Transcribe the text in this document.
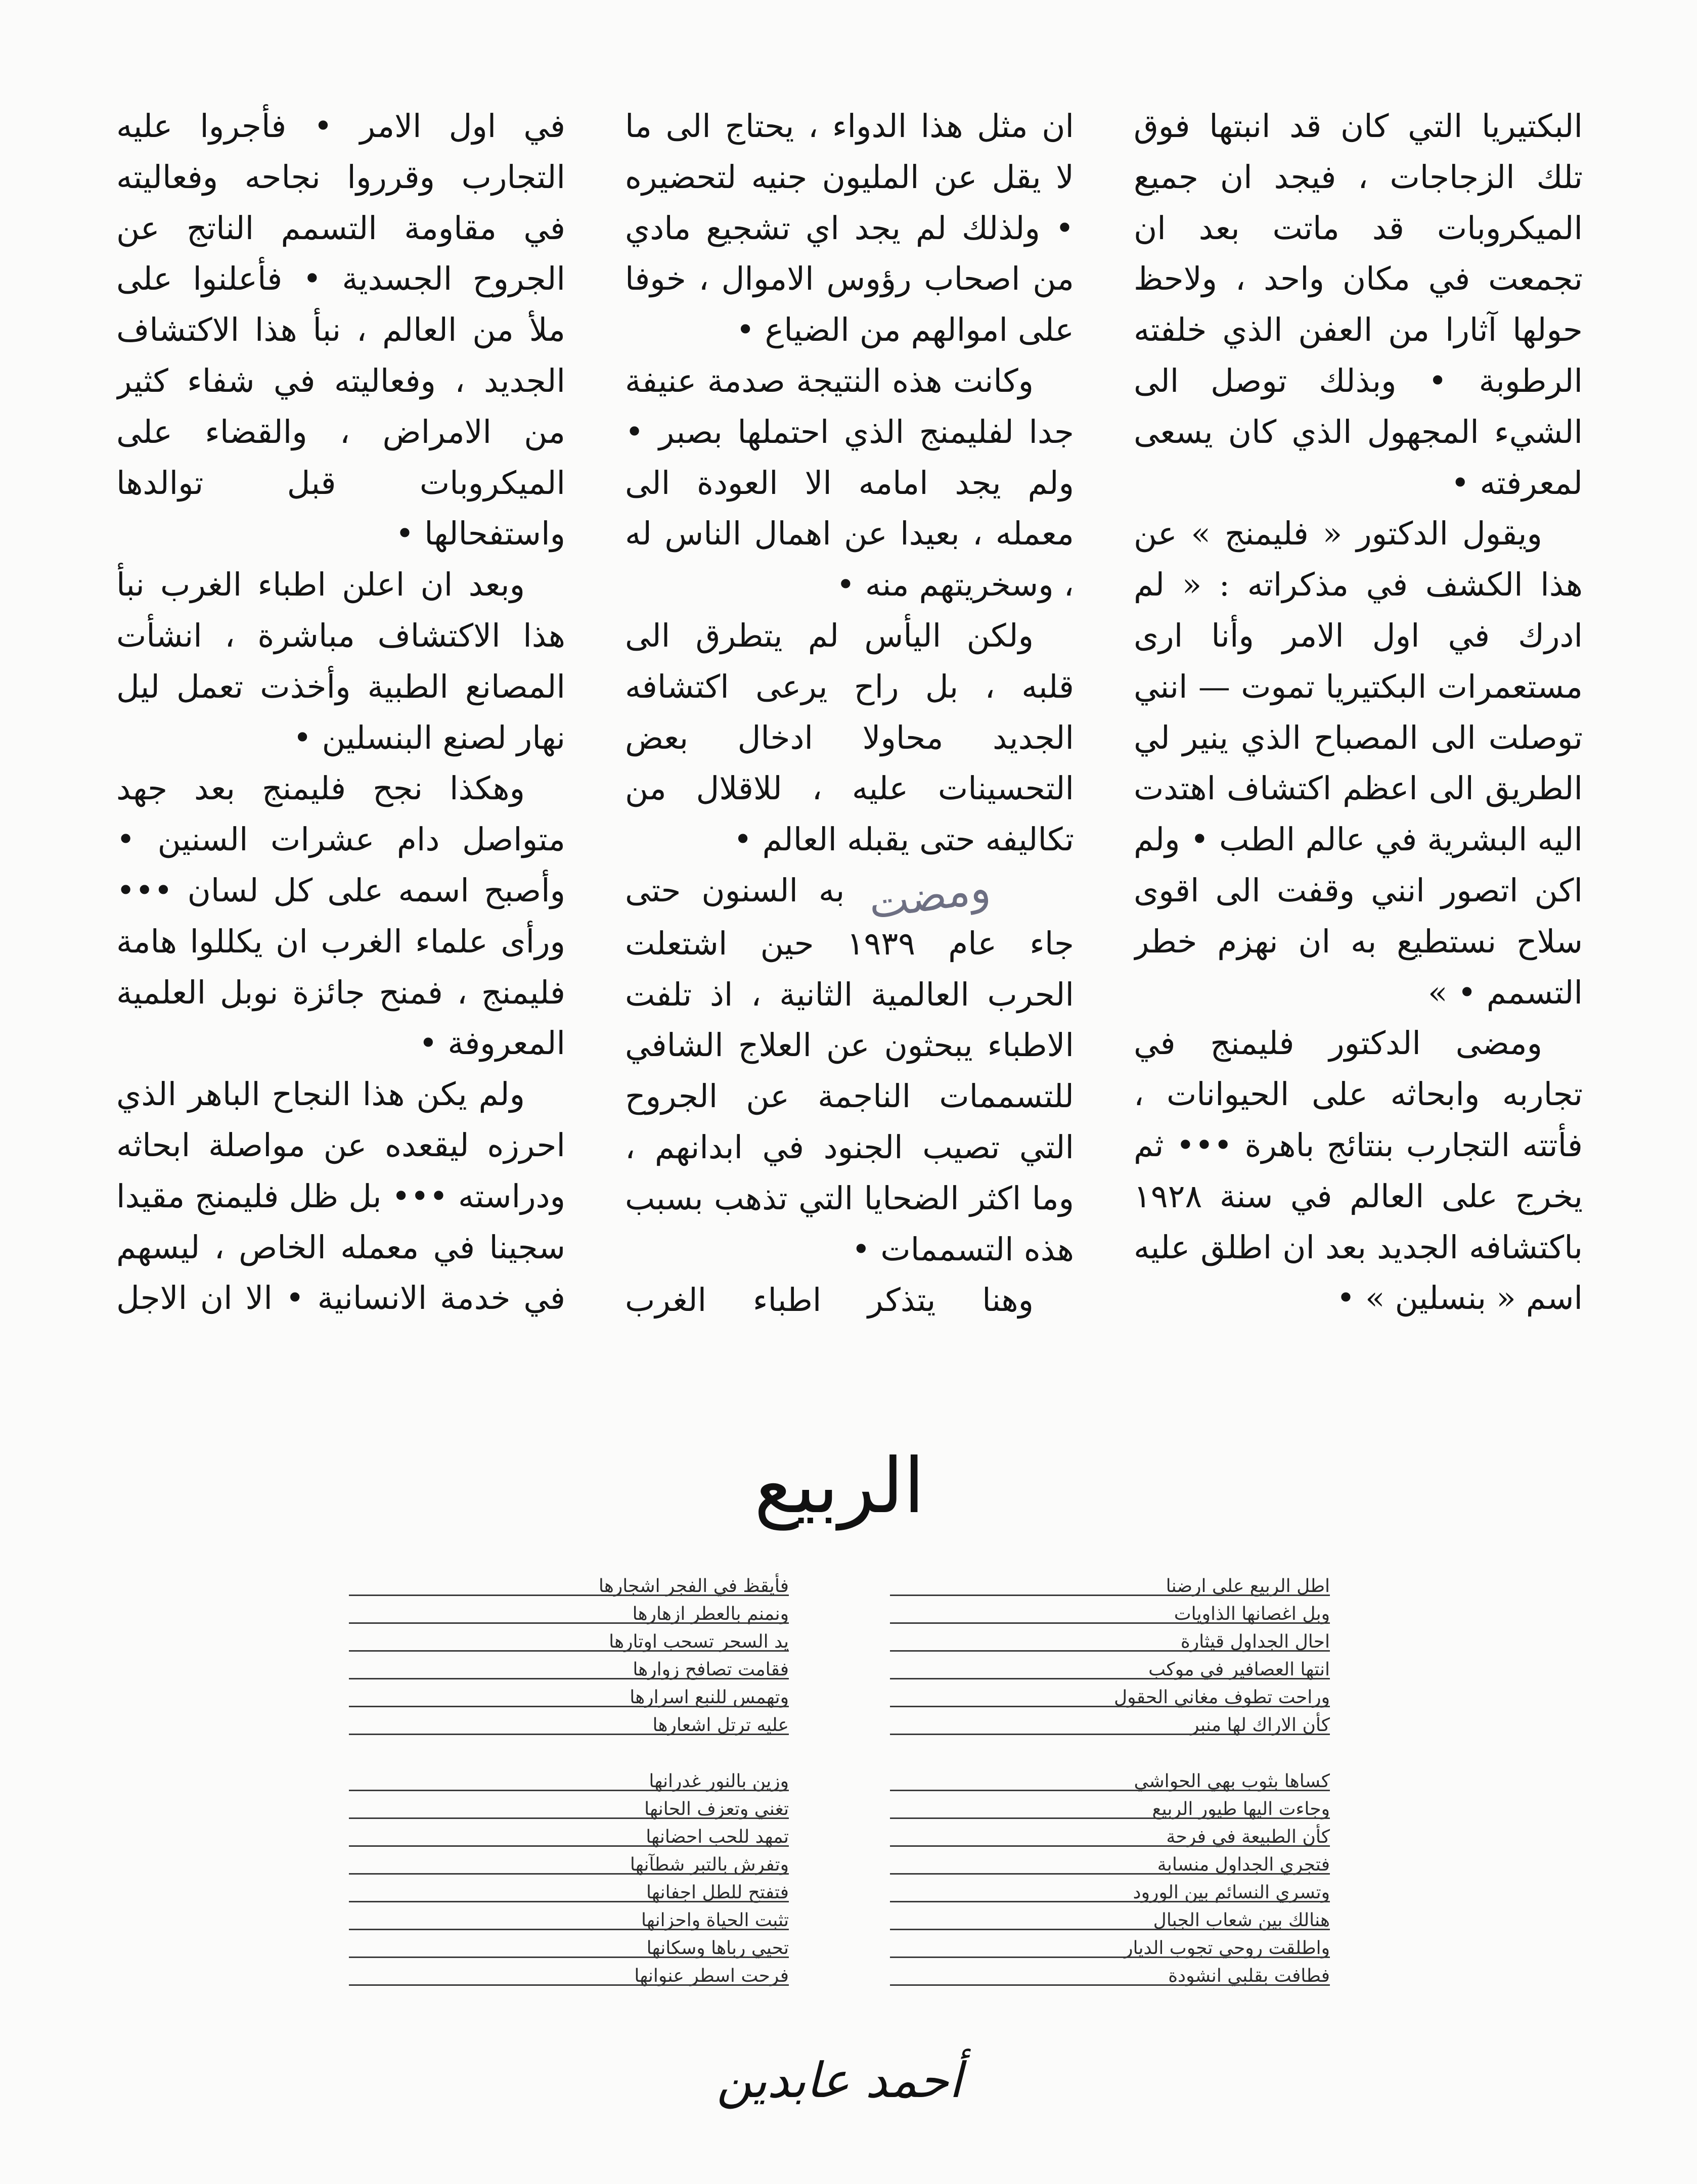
البكتيريا التي كان قد انبتها فوق تلك الزجاجات ، فيجد ان جميع الميكروبات قد ماتت بعد ان تجمعت في مكان واحد ، ولاحظ حولها آثارا من العفن الذي خلفته الرطوبة • وبذلك توصل الى الشيء المجهول الذي كان يسعى لمعرفته •

ويقول الدكتور « فليمنج » عن هذا الكشف في مذكراته : « لم ادرك في اول الامر وأنا ارى مستعمرات البكتيريا تموت — انني توصلت الى المصباح الذي ينير لي الطريق الى اعظم اكتشاف اهتدت اليه البشرية في عالم الطب • ولم اكن اتصور انني وقفت الى اقوى سلاح نستطيع به ان نهزم خطر التسمم • »

ومضى الدكتور فليمنج في تجاربه وابحاثه على الحيوانات ، فأتته التجارب بنتائج باهرة ••• ثم يخرج على العالم في سنة ١٩٢٨ باكتشافه الجديد بعد ان اطلق عليه اسم « بنسلين » •

ان مثل هذا الدواء ، يحتاج الى ما لا يقل عن المليون جنيه لتحضيره • ولذلك لم يجد اي تشجيع مادي من اصحاب رؤوس الاموال ، خوفا على اموالهم من الضياع •

وكانت هذه النتيجة صدمة عنيفة جدا لفليمنج الذي احتملها بصبر • ولم يجد امامه الا العودة الى معمله ، بعيدا عن اهمال الناس له ، وسخريتهم منه •

ولكن اليأس لم يتطرق الى قلبه ، بل راح يرعى اكتشافه الجديد محاولا ادخال بعض التحسينات عليه ، للاقلال من تكاليفه حتى يقبله العالم •

ومضت به السنون حتى جاء عام ١٩٣٩ حين اشتعلت الحرب العالمية الثانية ، اذ تلفت الاطباء يبحثون عن العلاج الشافي للتسممات الناجمة عن الجروح التي تصيب الجنود في ابدانهم ، وما اكثر الضحايا التي تذهب بسبب هذه التسممات •

وهنا يتذكر اطباء الغرب

في اول الامر • فأجروا عليه التجارب وقرروا نجاحه وفعاليته في مقاومة التسمم الناتج عن الجروح الجسدية • فأعلنوا على ملأ من العالم ، نبأ هذا الاكتشاف الجديد ، وفعاليته في شفاء كثير من الامراض ، والقضاء على الميكروبات قبل توالدها واستفحالها •

وبعد ان اعلن اطباء الغرب نبأ هذا الاكتشاف مباشرة ، انشأت المصانع الطبية وأخذت تعمل ليل نهار لصنع البنسلين •

وهكذا نجح فليمنج بعد جهد متواصل دام عشرات السنين • وأصبح اسمه على كل لسان ••• ورأى علماء الغرب ان يكللوا هامة فليمنج ، فمنح جائزة نوبل العلمية المعروفة •

ولم يكن هذا النجاح الباهر الذي احرزه ليقعده عن مواصلة ابحاثه ودراسته ••• بل ظل فليمنج مقيدا سجينا في معمله الخاص ، ليسهم في خدمة الانسانية • الا ان الاجل

الربيع
اطل الربيع على ارضنا
وبل اغصانها الذاويات
احال الجداول قيثارة
انتها العصافير في موكب
وراحت تطوف مغاني الحقول
كأن الاراك لها منبر
كساها بثوب بهي الحواشي
وجاءت اليها طيور الربيع
كأن الطبيعة في فرحة
فتجري الجداول منسابة
وتسري النسائم بين الورود
هنالك بين شعاب الجبال
واطلقت روحي تجوب الديار
فطافت بقلبي انشودة
فأيقظ في الفجر اشجارها
ونمنم بالعطر ازهارها
يد السحر تسحب اوتارها
فقامت تصافح زوارها
وتهمس للنبع اسرارها
عليه ترتل اشعارها
وزين بالنور غدرانها
تغني وتعزف الحانها
تمهد للحب احضانها
وتفرش بالتبر شطآنها
فتفتح للطل اجفانها
تثبت الحياة واحزانها
تحيي رباها وسكانها
فرحت اسطر عنوانها
أحمد عابدين
